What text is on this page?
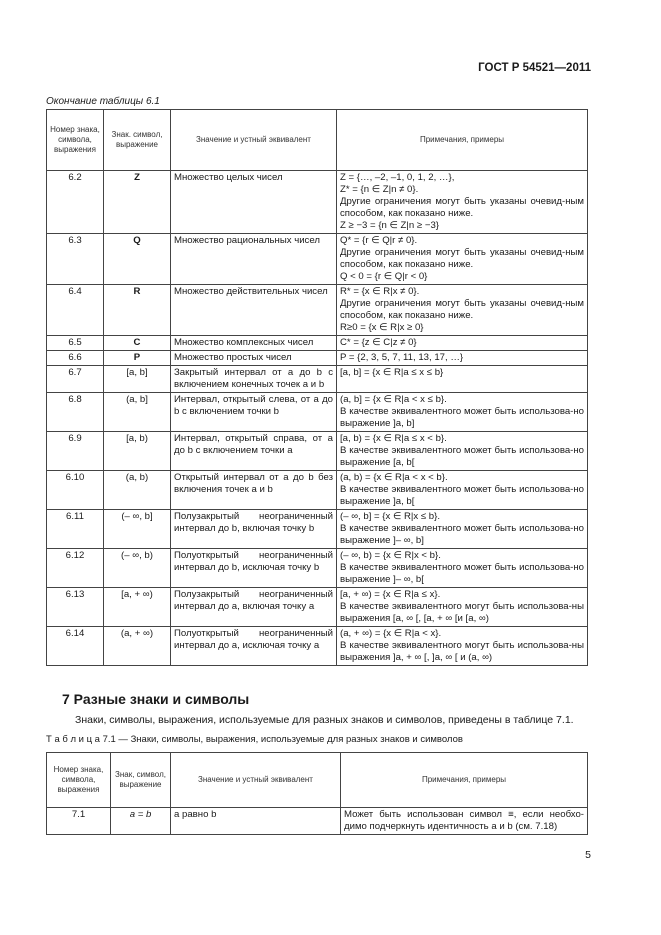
ГОСТ Р 54521—2011
Окончание таблицы 6.1
Номер знака, символа, выражения	Знак. символ, выражение	Значение и устный эквивалент	Примечания, примеры
6.2	Z	Множество целых чисел	Z = {…, –2, –1, 0, 1, 2, …},
Z* = {n ∈ Z|n ≠ 0}.
Другие ограничения могут быть указаны очевид-ным способом, как показано ниже.
Z ≥ −3 = {n ∈ Z|n ≥ −3}

6.3	Q	Множество рациональных чисел	Q* = {r ∈ Q|r ≠ 0}.
Другие ограничения могут быть указаны очевид-ным способом, как показано ниже.
Q < 0 = {r ∈ Q|r < 0}

6.4	R	Множество действительных чисел	R* = {x ∈ R|x ≠ 0}.
Другие ограничения могут быть указаны очевид-ным способом, как показано ниже.
R≥0 = {x ∈ R|x ≥ 0}

6.5	C	Множество комплексных чисел	C* = {z ∈ C|z ≠ 0}

6.6	P	Множество простых чисел	P = {2, 3, 5, 7, 11, 13, 17, …}

6.7	[a, b]	Закрытый интервал от a до b с включением конечных точек a и b	[a, b] = {x ∈ R|a ≤ x ≤ b}

6.8	(a, b]	Интервал, открытый слева, от a до b с включением точки b	(a, b] = {x ∈ R|a < x ≤ b}.
В качестве эквивалентного может быть использова-но выражение ]a, b]

6.9	[a, b)	Интервал, открытый справа, от a до b с включением точки a	[a, b) = {x ∈ R|a ≤ x < b}.
В качестве эквивалентного может быть использова-но выражение [a, b[

6.10	(a, b)	Открытый интервал от a до b без включения точек a и b	(a, b) = {x ∈ R|a < x < b}.
В качестве эквивалентного может быть использова-но выражение ]a, b[

6.11	(– ∞, b]	Полузакрытый неограниченный интервал до b, включая точку b	(– ∞, b] = {x ∈ R|x ≤ b}.
В качестве эквивалентного может быть использова-но выражение ]– ∞, b]

6.12	(– ∞, b)	Полуоткрытый неограниченный интервал до b, исключая точку b	(– ∞, b) = {x ∈ R|x < b}.
В качестве эквивалентного может быть использова-но выражение ]– ∞, b[

6.13	[a, + ∞)	Полузакрытый неограниченный интервал до a, включая точку a	[a, + ∞) = {x ∈ R|a ≤ x}.
В качестве эквивалентного могут быть использова-ны выражения [a, ∞ [, [a, + ∞ [и [a, ∞)

6.14	(a, + ∞)	Полуоткрытый неограниченный интервал до a, исключая точку a	(a, + ∞) = {x ∈ R|a < x}.
В качестве эквивалентного могут быть использова-ны выражения ]a, + ∞ [, ]a, ∞ [ и (a, ∞)
7 Разные знаки и символы
Знаки, символы, выражения, используемые для разных знаков и символов, приведены в таблице 7.1.
Т а б л и ц а 7.1 — Знаки, символы, выражения, используемые для разных знаков и символов
Номер знака, символа, выражения	Знак, символ, выражение	Значение и устный эквивалент	Примечания, примеры
7.1	a = b	a равно b	Может быть использован символ ≡, если необхо-димо подчеркнуть идентичность a и b (см. 7.18)
5
